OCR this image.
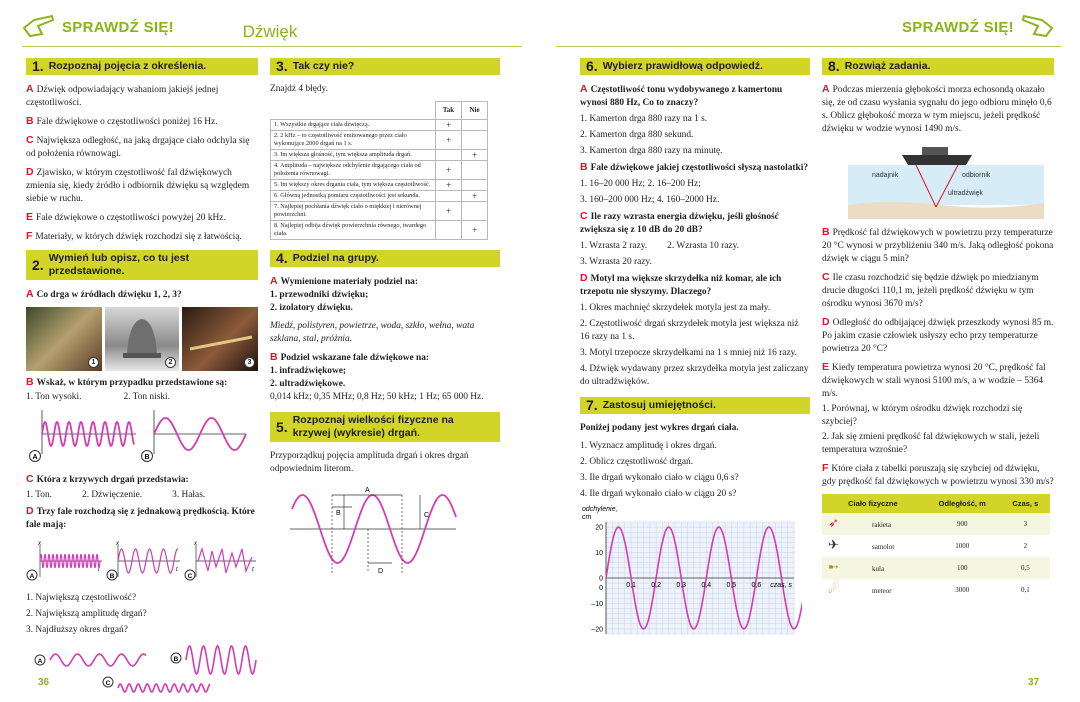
SPRAWDŹ SIĘ!	Dźwięk	SPRAWDŹ SIĘ!
1. Rozpoznaj pojęcia z określenia.

A Dźwięk odpowiadający wahaniom jakiejś jednej częstotliwości.

B Fale dźwiękowe o częstotliwości poniżej 16 Hz.

C Największa odległość, na jaką drgające ciało odchyla się od położenia równowagi.

D Zjawisko, w którym częstotliwość fal dźwiękowych zmienia się, kiedy źródło i odbiornik dźwięku są względem siebie w ruchu.

E Fale dźwiękowe o częstotliwości powyżej 20 kHz.

F Materiały, w których dźwięk rozchodzi się z łatwością.

2. Wymień lub opisz, co tu jest przedstawione.

A Co drga w źródłach dźwięku 1, 2, 3?

1	2	3

B Wskaż, w którym przypadku przedstawione są:

1. Ton wysoki.	2. Ton niski.
A	B

C Która z krzywych drgań przedstawia:

1. Ton.	2. Dźwięczenie.	3. Hałas.

D Trzy fale rozchodzą się z jednakową prędkością. Które fale mają:

x	x	x
t	t	t
A	B	C

1. Największą częstotliwość?

2. Największą amplitudę drgań?

3. Najdłuższy okres drgań?

A	B
C
36
3. Tak czy nie?

Znajdź 4 błędy.

	Tak	Nie
1. Wszystkie drgające ciała dźwięczą.	+	
2. 2 kHz – to częstotliwość emitowanego przez ciało wykonujące 2000 drgań na 1 s.	+	
3. Im większa głośność, tym większa amplituda drgań.		+
4. Amplituda – największe odchylenie drgającego ciała od położenia równowagi.	+	
5. Im większy okres drgania ciała, tym większa częstotliwość.	+	
6. Główną jednostką pomiaru częstotliwości jest sekunda.		+
7. Najlepiej pochłania dźwięk ciało o miękkiej i nierównej powierzchni.	+	
8. Najlepiej odbija dźwięk powierzchnia równego, twardego ciała.		+
4. Podziel na grupy.

A Wymienione materiały podziel na:

1. przewodniki dźwięku;

2. izolatory dźwięku.

Miedź, polistyren, powietrze, woda, szkło, wełna, wata szklana, stal, próżnia.

B Podziel wskazane fale dźwiękowe na:

1. infradźwiękowe;

2. ultradźwiękowe.

0,014 kHz; 0,35 MHz; 0,8 Hz; 50 kHz; 1 Hz; 65 000 Hz.

5. Rozpoznaj wielkości fizyczne na krzywej (wykresie) drgań.

Przyporządkuj pojęcia amplituda drgań i okres drgań odpowiednim literom.

A
B	C
D
6. Wybierz prawidłową odpowiedź.

A Częstotliwość tonu wydobywanego z kamertonu wynosi 880 Hz, Co to znaczy?

1. Kamerton drga 880 razy na 1 s.

2. Kamerton drga 880 sekund.

3. Kamerton drga 880 razy na minutę.

B Fale dźwiękowe jakiej częstotliwości słyszą nastolatki?

1. 16–20 000 Hz; 2. 16–200 Hz;

3. 160–200 000 Hz; 4. 160–2000 Hz.

C Ile razy wzrasta energia dźwięku, jeśli głośność zwiększa się z 10 dB do 20 dB?

1. Wzrasta 2 razy. 2. Wzrasta 10 razy.

3. Wzrasta 20 razy.

D Motyl ma większe skrzydełka niż komar, ale ich trzepotu nie słyszymy. Dlaczego?

1. Okres machnięć skrzydełek motyla jest za mały.

2. Częstotliwość drgań skrzydełek motyla jest większa niż 16 razy na 1 s.

3. Motyl trzepocze skrzydełkami na 1 s mniej niż 16 razy.

4. Dźwięk wydawany przez skrzydełka motyla jest zaliczany do ultradźwięków.

7. Zastosuj umiejętności.

Poniżej podany jest wykres drgań ciała.

1. Wyznacz amplitudę i okres drgań.

2. Oblicz częstotliwość drgań.

3. Ile drgań wykonało ciało w ciągu 0,6 s?

4. Ile drgań wykonało ciało w ciągu 20 s?

20
10
0
–10
–20
0,1 0,2 0,3 0,4 0,5 0,6
0
odchylenie,
cm
czas, s
8. Rozwiąż zadania.

A Podczas mierzenia głębokości morza echosondą okazało się, że od czasu wysłania sygnału do jego odbioru minęło 0,6 s. Oblicz głębokość morza w tym miejscu, jeżeli prędkość dźwięku w wodzie wynosi 1490 m/s.

nadajnik	odbiornik
ultradźwięk

B Prędkość fal dźwiękowych w powietrzu przy temperaturze 20 °C wynosi w przybliżeniu 340 m/s. Jaką odległość pokona dźwięk w ciągu 5 min?

C Ile czasu rozchodzić się będzie dźwięk po miedzianym drucie długości 110,1 m, jeżeli prędkość dźwięku w tym ośrodku wynosi 3670 m/s?

D Odległość do odbijającej dźwięk przeszkody wynosi 85 m. Po jakim czasie człowiek usłyszy echo przy temperaturze powietrza 20 °C?

E Kiedy temperatura powietrza wynosi 20 °C, prędkość fal dźwiękowych w stali wynosi 5100 m/s, a w wodzie – 5364 m/s.

1. Porównaj, w którym ośrodku dźwięk rozchodzi się szybciej?

2. Jak się zmieni prędkość fal dźwiękowych w stali, jeżeli temperatura wzrośnie?

F Które ciała z tabelki poruszają się szybciej od dźwięku, gdy prędkość fal dźwiękowych w powietrzu wynosi 330 m/s?

Ciało fizyczne	Odległość, m	Czas, s
➶ rakieta	900	3
✈ samolot	1000	2
➸ kula	100	0,5
☄ meteor	3000	0,1
37
